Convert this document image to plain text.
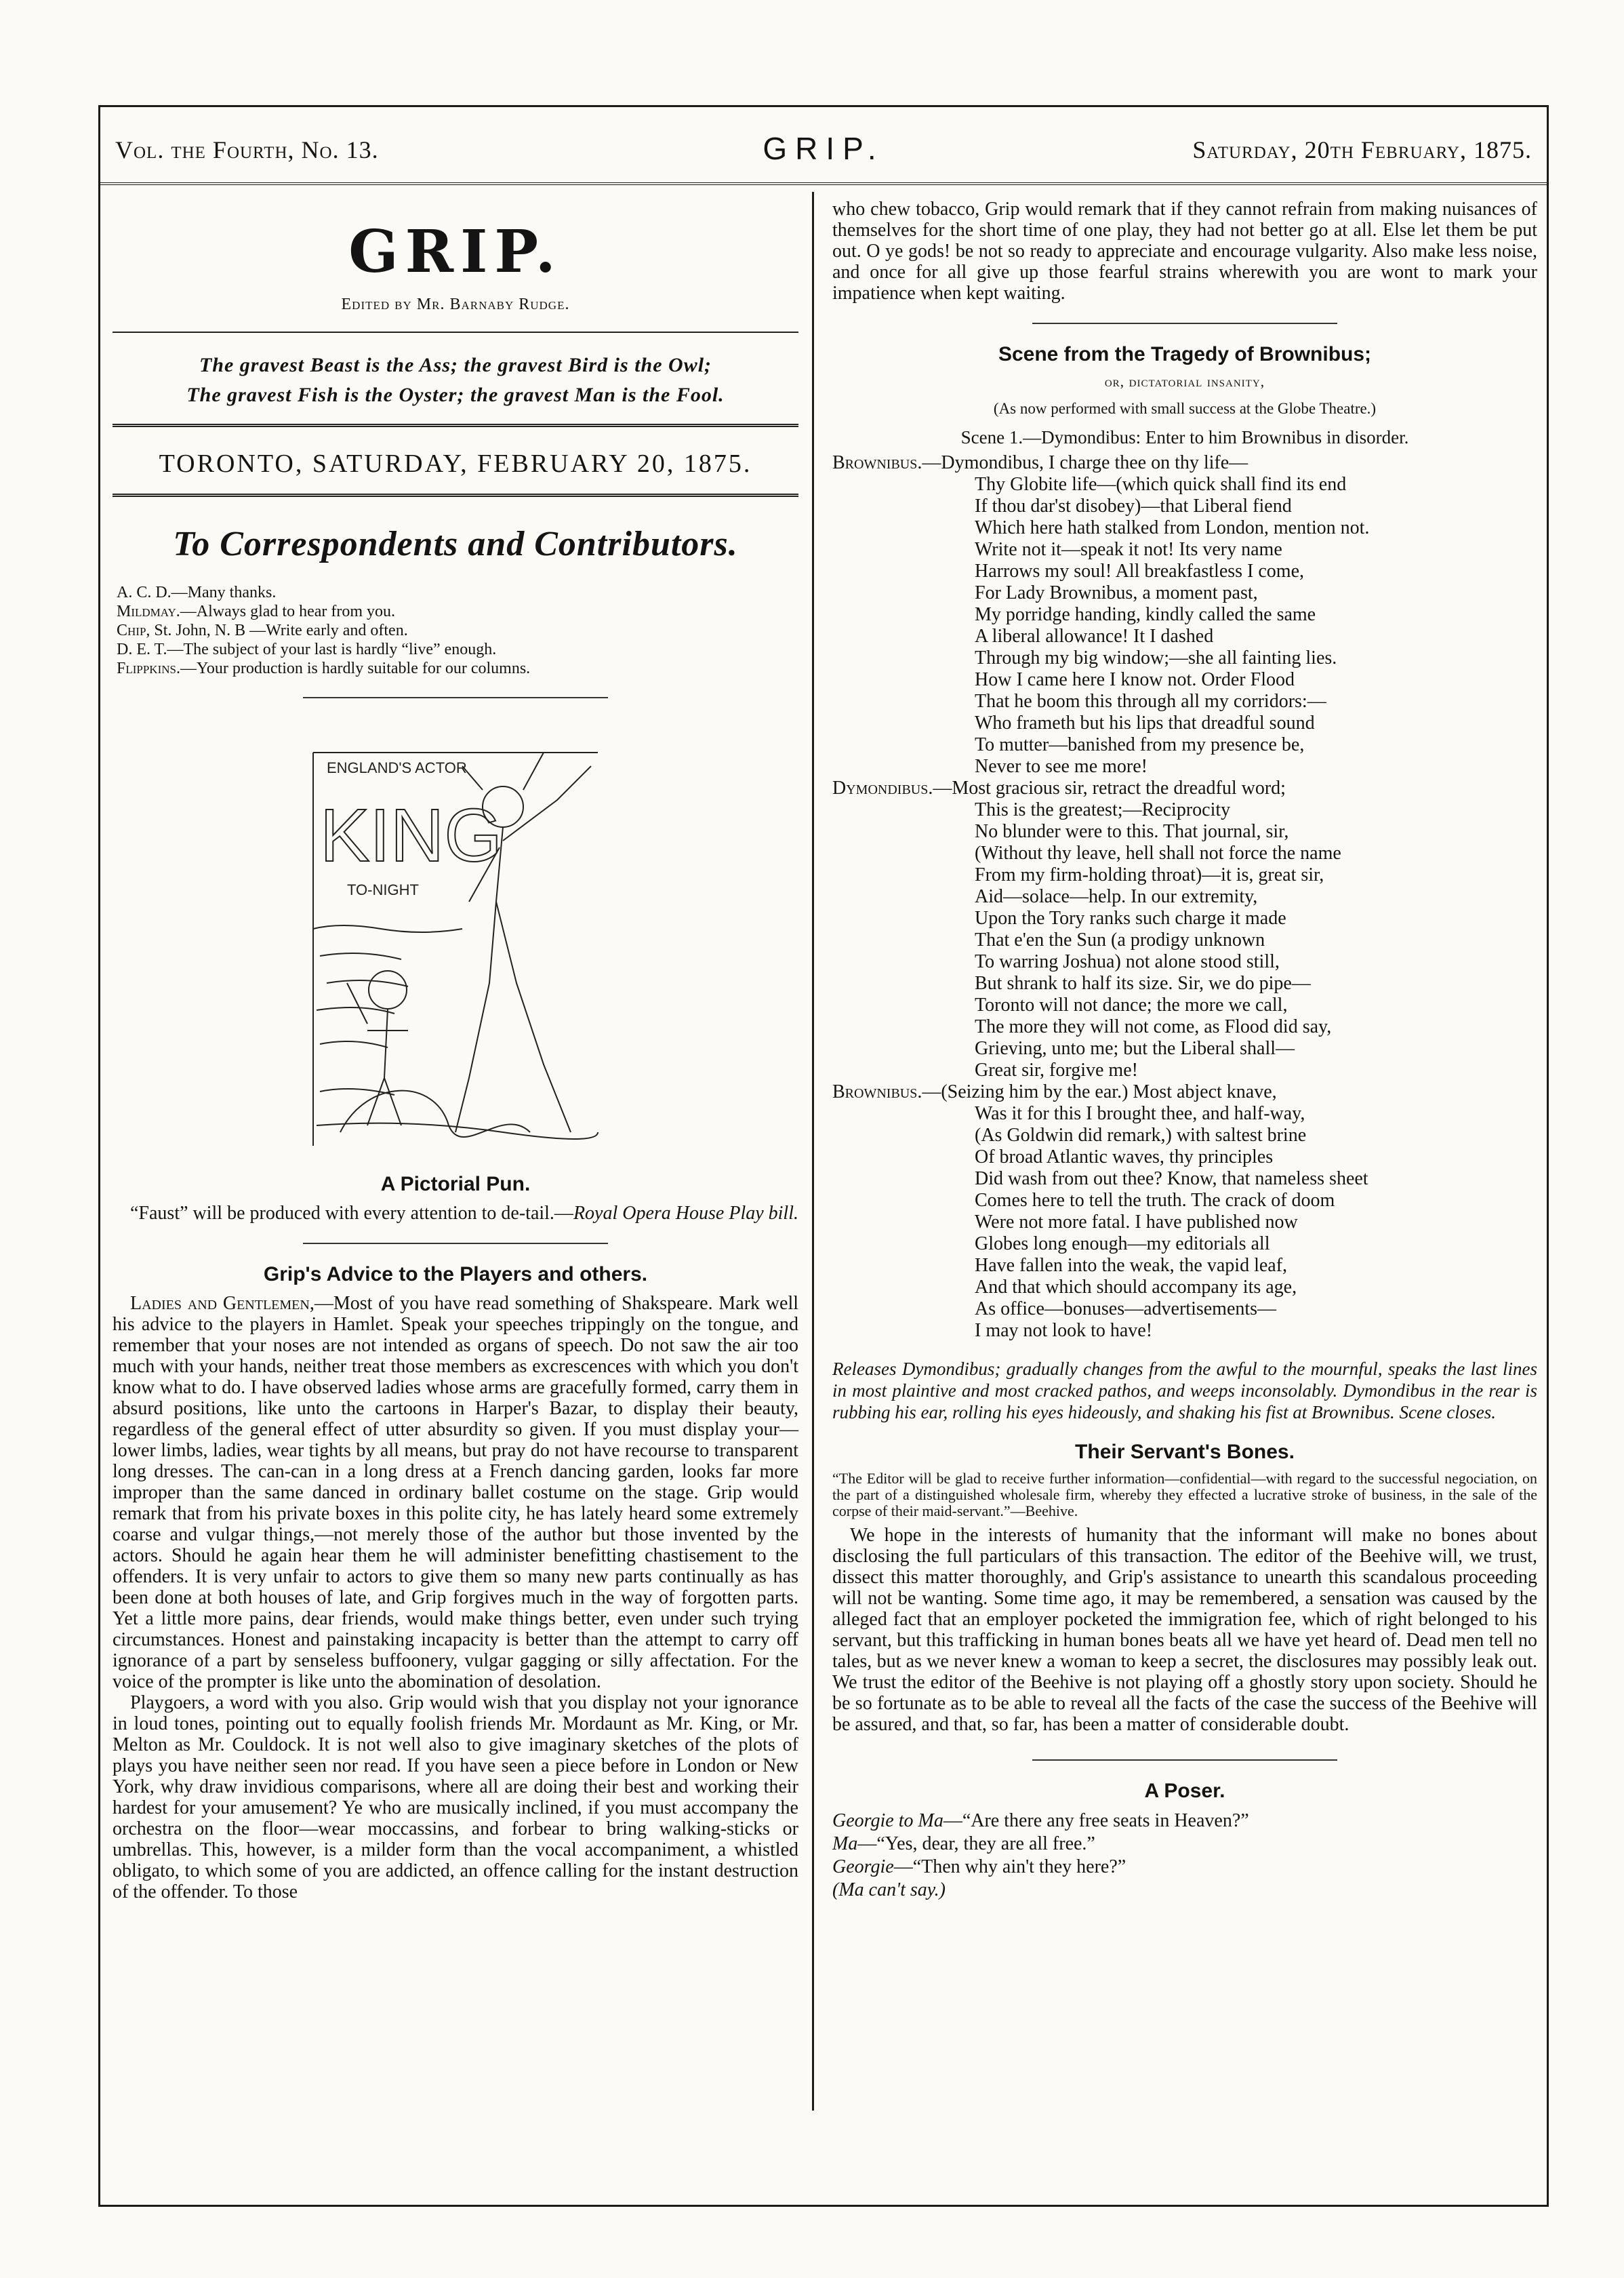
Vol. the Fourth, No. 13.	GRIP.	Saturday, 20th February, 1875.
GRIP.
Edited by Mr. Barnaby Rudge.
The gravest Beast is the Ass; the gravest Bird is the Owl;
The gravest Fish is the Oyster; the gravest Man is the Fool.
TORONTO, SATURDAY, FEBRUARY 20, 1875.
To Correspondents and Contributors.
A. C. D.—Many thanks.
Mildmay.—Always glad to hear from you.
Chip, St. John, N. B —Write early and often.
D. E. T.—The subject of your last is hardly “live” enough.
Flippkins.—Your production is hardly suitable for our columns.
ENGLAND'S ACTOR
KING
TO-NIGHT
A Pictorial Pun.

“Faust” will be produced with every attention to de-tail.—Royal Opera House Play bill.

Grip's Advice to the Players and others.

Ladies and Gentlemen,—Most of you have read something of Shakspeare. Mark well his advice to the players in Hamlet. Speak your speeches trippingly on the tongue, and remember that your noses are not intended as organs of speech. Do not saw the air too much with your hands, neither treat those members as excrescences with which you don't know what to do. I have observed ladies whose arms are gracefully formed, carry them in absurd positions, like unto the cartoons in Harper's Bazar, to display their beauty, regardless of the general effect of utter absurdity so given. If you must display your—lower limbs, ladies, wear tights by all means, but pray do not have recourse to transparent long dresses. The can-can in a long dress at a French dancing garden, looks far more improper than the same danced in ordinary ballet costume on the stage. Grip would remark that from his private boxes in this polite city, he has lately heard some extremely coarse and vulgar things,—not merely those of the author but those invented by the actors. Should he again hear them he will administer benefitting chastisement to the offenders. It is very unfair to actors to give them so many new parts continually as has been done at both houses of late, and Grip forgives much in the way of forgotten parts. Yet a little more pains, dear friends, would make things better, even under such trying circumstances. Honest and painstaking incapacity is better than the attempt to carry off ignorance of a part by senseless buffoonery, vulgar gagging or silly affectation. For the voice of the prompter is like unto the abomination of desolation.

Playgoers, a word with you also. Grip would wish that you display not your ignorance in loud tones, pointing out to equally foolish friends Mr. Mordaunt as Mr. King, or Mr. Melton as Mr. Couldock. It is not well also to give imaginary sketches of the plots of plays you have neither seen nor read. If you have seen a piece before in London or New York, why draw invidious comparisons, where all are doing their best and working their hardest for your amusement? Ye who are musically inclined, if you must accompany the orchestra on the floor—wear moccassins, and forbear to bring walking-sticks or umbrellas. This, however, is a milder form than the vocal accompaniment, a whistled obligato, to which some of you are addicted, an offence calling for the instant destruction of the offender. To those

who chew tobacco, Grip would remark that if they cannot refrain from making nuisances of themselves for the short time of one play, they had not better go at all. Else let them be put out. O ye gods! be not so ready to appreciate and encourage vulgarity. Also make less noise, and once for all give up those fearful strains wherewith you are wont to mark your impatience when kept waiting.

Scene from the Tragedy of Brownibus;
or, dictatorial insanity,
(As now performed with small success at the Globe Theatre.)
Scene 1.—Dymondibus: Enter to him Brownibus in disorder.
Brownibus.—Dymondibus, I charge thee on thy life—
Thy Globite life—(which quick shall find its end
If thou dar'st disobey)—that Liberal fiend
Which here hath stalked from London, mention not.
Write not it—speak it not! Its very name
Harrows my soul! All breakfastless I come,
For Lady Brownibus, a moment past,
My porridge handing, kindly called the same
A liberal allowance! It I dashed
Through my big window;—she all fainting lies.
How I came here I know not. Order Flood
That he boom this through all my corridors:—
Who frameth but his lips that dreadful sound
To mutter—banished from my presence be,
Never to see me more!
Dymondibus.—Most gracious sir, retract the dreadful word;
This is the greatest;—Reciprocity
No blunder were to this. That journal, sir,
(Without thy leave, hell shall not force the name
From my firm-holding throat)—it is, great sir,
Aid—solace—help. In our extremity,
Upon the Tory ranks such charge it made
That e'en the Sun (a prodigy unknown
To warring Joshua) not alone stood still,
But shrank to half its size. Sir, we do pipe—
Toronto will not dance; the more we call,
The more they will not come, as Flood did say,
Grieving, unto me; but the Liberal shall—
Great sir, forgive me!
Brownibus.—(Seizing him by the ear.) Most abject knave,
Was it for this I brought thee, and half-way,
(As Goldwin did remark,) with saltest brine
Of broad Atlantic waves, thy principles
Did wash from out thee? Know, that nameless sheet
Comes here to tell the truth. The crack of doom
Were not more fatal. I have published now
Globes long enough—my editorials all
Have fallen into the weak, the vapid leaf,
And that which should accompany its age,
As office—bonuses—advertisements—
I may not look to have!
Releases Dymondibus; gradually changes from the awful to the mournful, speaks the last lines in most plaintive and most cracked pathos, and weeps inconsolably. Dymondibus in the rear is rubbing his ear, rolling his eyes hideously, and shaking his fist at Brownibus. Scene closes.
Their Servant's Bones.
“The Editor will be glad to receive further information—confidential—with regard to the successful negociation, on the part of a distinguished wholesale firm, whereby they effected a lucrative stroke of business, in the sale of the corpse of their maid-servant.”—Beehive.

We hope in the interests of humanity that the informant will make no bones about disclosing the full particulars of this transaction. The editor of the Beehive will, we trust, dissect this matter thoroughly, and Grip's assistance to unearth this scandalous proceeding will not be wanting. Some time ago, it may be remembered, a sensation was caused by the alleged fact that an employer pocketed the immigration fee, which of right belonged to his servant, but this trafficking in human bones beats all we have yet heard of. Dead men tell no tales, but as we never knew a woman to keep a secret, the disclosures may possibly leak out. We trust the editor of the Beehive is not playing off a ghostly story upon society. Should he be so fortunate as to be able to reveal all the facts of the case the success of the Beehive will be assured, and that, so far, has been a matter of considerable doubt.

A Poser.
Georgie to Ma—“Are there any free seats in Heaven?”
Ma—“Yes, dear, they are all free.”
Georgie—“Then why ain't they here?”
(Ma can't say.)
